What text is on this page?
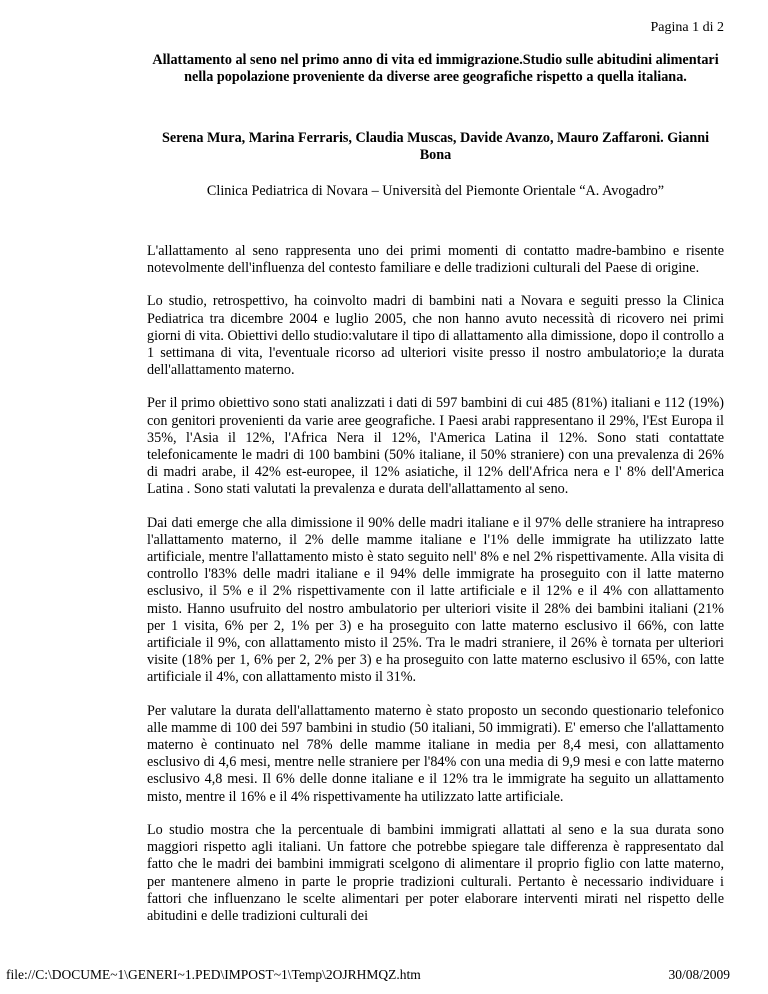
Pagina 1 di 2
Allattamento al seno nel primo anno di vita ed immigrazione.Studio sulle abitudini alimentari nella popolazione proveniente da diverse aree geografiche rispetto a quella italiana.
Serena Mura, Marina Ferraris, Claudia Muscas, Davide Avanzo, Mauro Zaffaroni. Gianni Bona
Clinica Pediatrica di Novara – Università del Piemonte Orientale “A. Avogadro”

L'allattamento al seno rappresenta uno dei primi momenti di contatto madre-bambino e risente notevolmente dell'influenza del contesto familiare e delle tradizioni culturali del Paese di origine.

Lo studio, retrospettivo, ha coinvolto madri di bambini nati a Novara e seguiti presso la Clinica Pediatrica tra dicembre 2004 e luglio 2005, che non hanno avuto necessità di ricovero nei primi giorni di vita. Obiettivi dello studio:valutare il tipo di allattamento alla dimissione, dopo il controllo a 1 settimana di vita, l'eventuale ricorso ad ulteriori visite presso il nostro ambulatorio;e la durata dell'allattamento materno.

Per il primo obiettivo sono stati analizzati i dati di 597 bambini di cui 485 (81%) italiani e 112 (19%) con genitori provenienti da varie aree geografiche. I Paesi arabi rappresentano il 29%, l'Est Europa il 35%, l'Asia il 12%, l'Africa Nera il 12%, l'America Latina il 12%. Sono stati contattate telefonicamente le madri di 100 bambini (50% italiane, il 50% straniere) con una prevalenza di 26% di madri arabe, il 42% est-europee, il 12% asiatiche, il 12% dell'Africa nera e l' 8% dell'America Latina . Sono stati valutati la prevalenza e durata dell'allattamento al seno.

Dai dati emerge che alla dimissione il 90% delle madri italiane e il 97% delle straniere ha intrapreso l'allattamento materno, il 2% delle mamme italiane e l'1% delle immigrate ha utilizzato latte artificiale, mentre l'allattamento misto è stato seguito nell' 8% e nel 2% rispettivamente. Alla visita di controllo l'83% delle madri italiane e il 94% delle immigrate ha proseguito con il latte materno esclusivo, il 5% e il 2% rispettivamente con il latte artificiale e il 12% e il 4% con allattamento misto. Hanno usufruito del nostro ambulatorio per ulteriori visite il 28% dei bambini italiani (21% per 1 visita, 6% per 2, 1% per 3) e ha proseguito con latte materno esclusivo il 66%, con latte artificiale il 9%, con allattamento misto il 25%. Tra le madri straniere, il 26% è tornata per ulteriori visite (18% per 1, 6% per 2, 2% per 3) e ha proseguito con latte materno esclusivo il 65%, con latte artificiale il 4%, con allattamento misto il 31%.

Per valutare la durata dell'allattamento materno è stato proposto un secondo questionario telefonico alle mamme di 100 dei 597 bambini in studio (50 italiani, 50 immigrati). E' emerso che l'allattamento materno è continuato nel 78% delle mamme italiane in media per 8,4 mesi, con allattamento esclusivo di 4,6 mesi, mentre nelle straniere per l'84% con una media di 9,9 mesi e con latte materno esclusivo 4,8 mesi. Il 6% delle donne italiane e il 12% tra le immigrate ha seguito un allattamento misto, mentre il 16% e il 4% rispettivamente ha utilizzato latte artificiale.

Lo studio mostra che la percentuale di bambini immigrati allattati al seno e la sua durata sono maggiori rispetto agli italiani. Un fattore che potrebbe spiegare tale differenza è rappresentato dal fatto che le madri dei bambini immigrati scelgono di alimentare il proprio figlio con latte materno, per mantenere almeno in parte le proprie tradizioni culturali. Pertanto è necessario individuare i fattori che influenzano le scelte alimentari per poter elaborare interventi mirati nel rispetto delle abitudini e delle tradizioni culturali dei

file://C:\DOCUME~1\GENERI~1.PED\IMPOST~1\Temp\2OJRHMQZ.htm	30/08/2009
